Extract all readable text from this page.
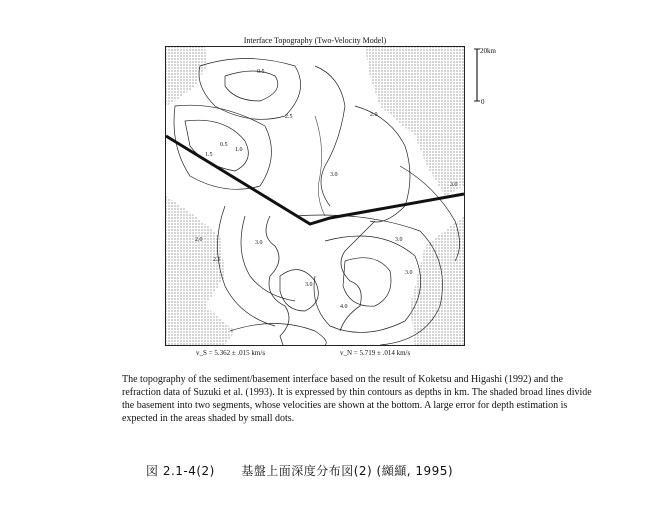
Interface Topography (Two-Velocity Model)
0.5
2.5
1.5
1.0
0.5
2.0
3.0
2.5
3.0	3.0
2.0
3.0
4.0
3.0
3.0
20km
0
v_S = 5.362 ± .015 km/s	v_N = 5.719 ± .014 km/s
The topography of the sediment/basement interface based on the result of Koketsu and Higashi (1992) and the refraction data of Suzuki et al. (1993). It is expressed by thin contours as depths in km. The shaded broad lines divide the basement into two segments, whose velocities are shown at the bottom. A large error for depth estimation is expected in the areas shaded by small dots.
図 2.1-4(2) 基盤上面深度分布図(2) (纐纈, 1995)
